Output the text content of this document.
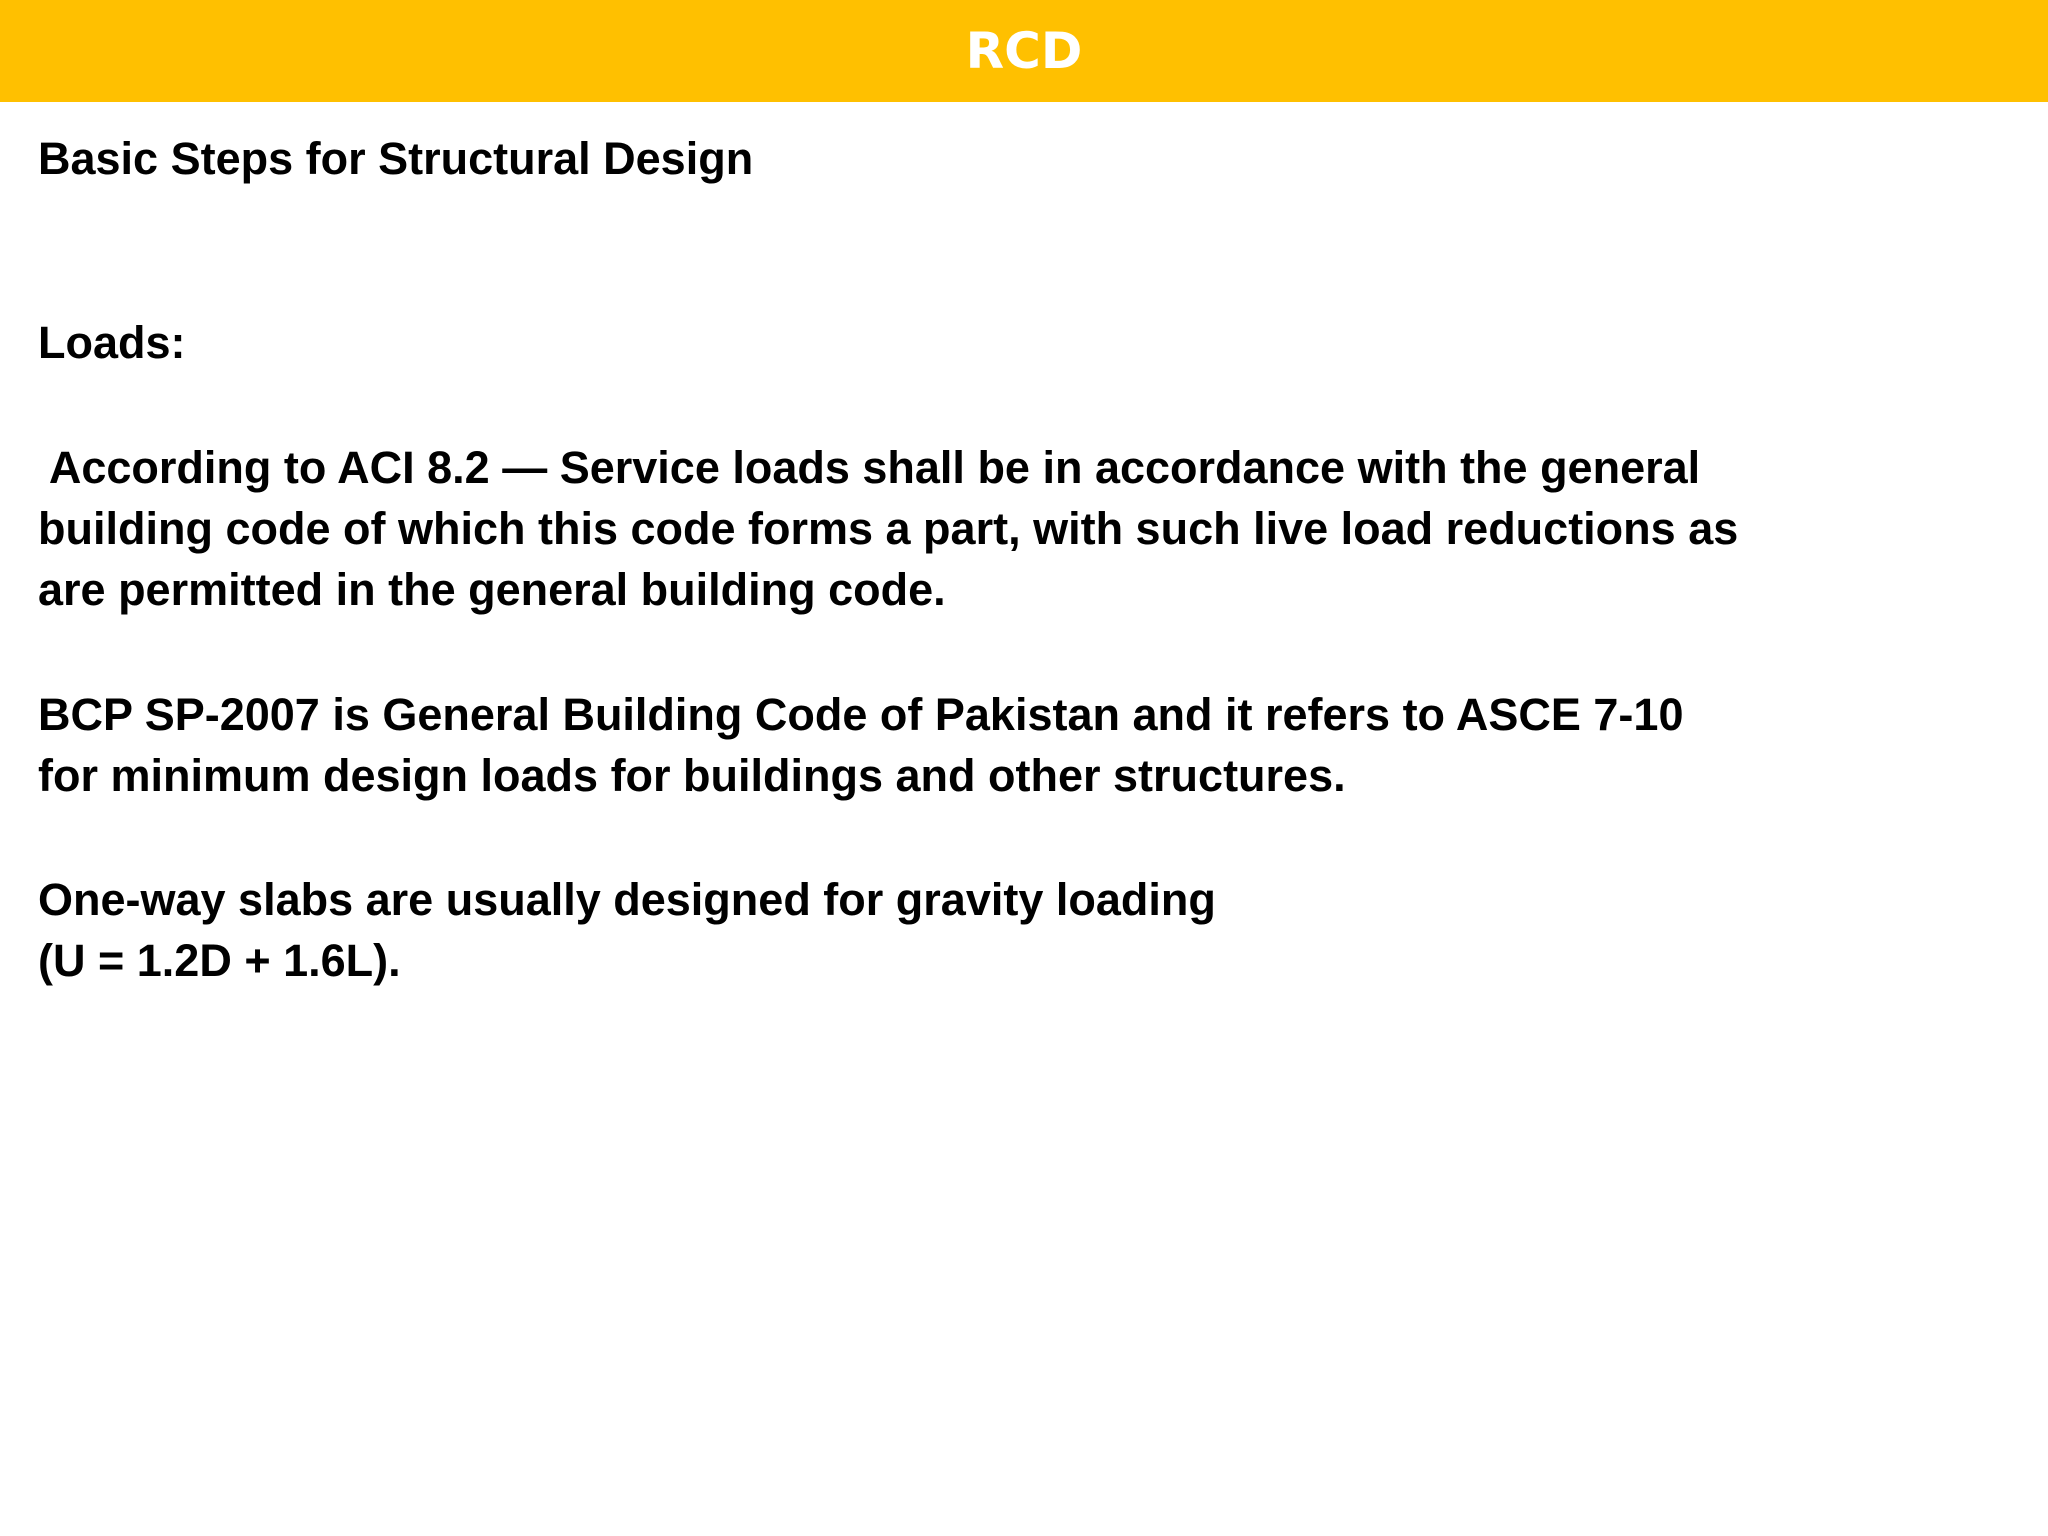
RCD
Basic Steps for Structural Design
Loads:
According to ACI 8.2 — Service loads shall be in accordance with the general
building code of which this code forms a part, with such live load reductions as
are permitted in the general building code.
BCP SP-2007 is General Building Code of Pakistan and it refers to ASCE 7-10
for minimum design loads for buildings and other structures.
One-way slabs are usually designed for gravity loading
(U = 1.2D + 1.6L).
